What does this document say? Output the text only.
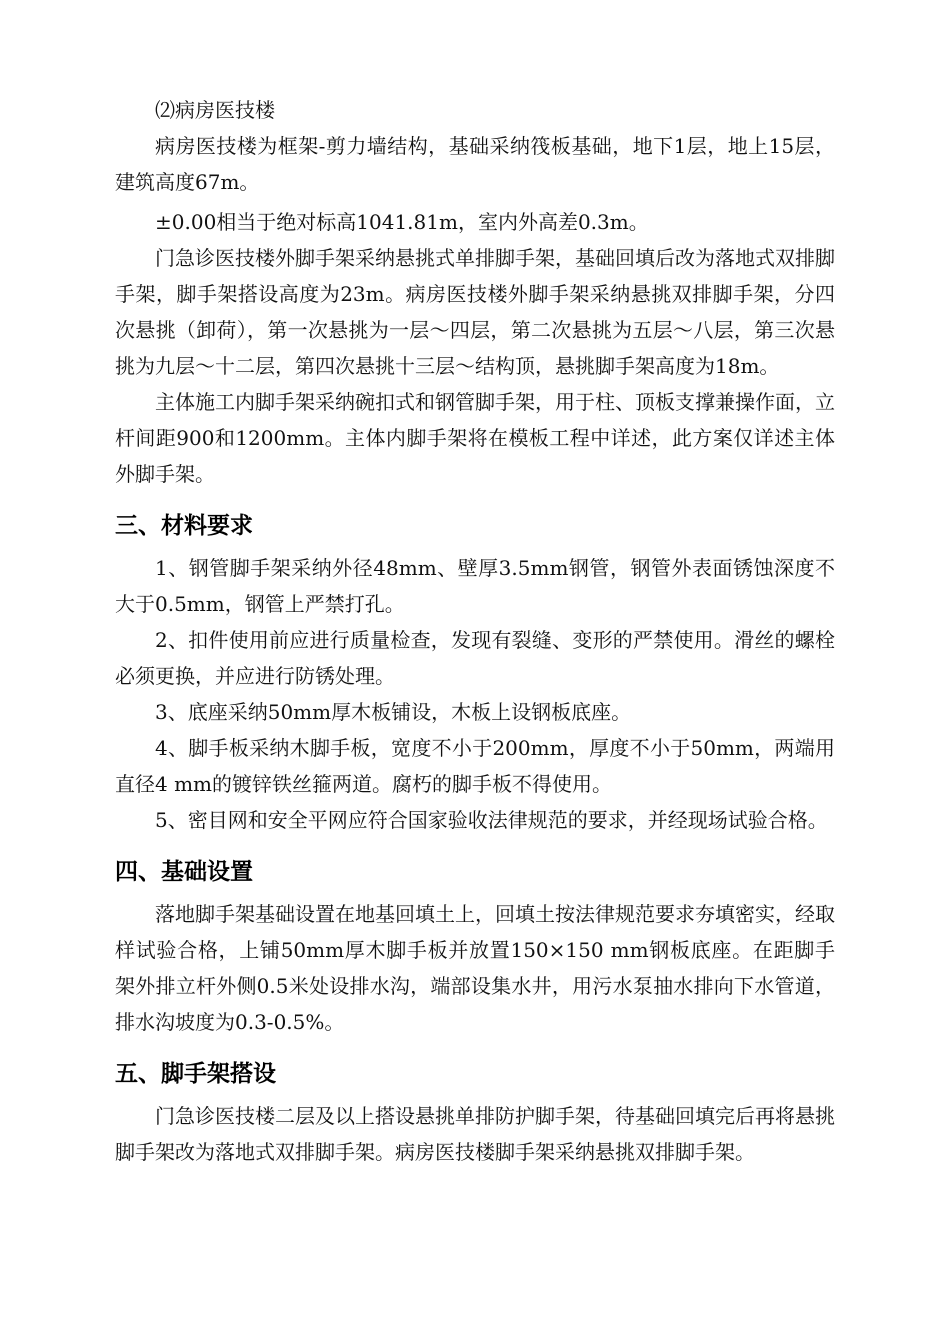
⑵病房医技楼

病房医技楼为框架-剪力墙结构，基础采纳筏板基础，地下1层，地上15层，建筑高度67m。

±0.00相当于绝对标高1041.81m，室内外高差0.3m。

门急诊医技楼外脚手架采纳悬挑式单排脚手架，基础回填后改为落地式双排脚手架，脚手架搭设高度为23m。病房医技楼外脚手架采纳悬挑双排脚手架，分四次悬挑（卸荷），第一次悬挑为一层～四层，第二次悬挑为五层～八层，第三次悬挑为九层～十二层，第四次悬挑十三层～结构顶，悬挑脚手架高度为18m。

主体施工内脚手架采纳碗扣式和钢管脚手架，用于柱、顶板支撑兼操作面，立杆间距900和1200mm。主体内脚手架将在模板工程中详述，此方案仅详述主体外脚手架。

三、材料要求

1、钢管脚手架采纳外径48mm、壁厚3.5mm钢管，钢管外表面锈蚀深度不大于0.5mm，钢管上严禁打孔。

2、扣件使用前应进行质量检查，发现有裂缝、变形的严禁使用。滑丝的螺栓必须更换，并应进行防锈处理。

3、底座采纳50mm厚木板铺设，木板上设钢板底座。

4、脚手板采纳木脚手板，宽度不小于200mm，厚度不小于50mm，两端用直径4 mm的镀锌铁丝箍两道。腐朽的脚手板不得使用。

5、密目网和安全平网应符合国家验收法律规范的要求，并经现场试验合格。

四、基础设置

落地脚手架基础设置在地基回填土上，回填土按法律规范要求夯填密实，经取样试验合格，上铺50mm厚木脚手板并放置150×150 mm钢板底座。在距脚手架外排立杆外侧0.5米处设排水沟，端部设集水井，用污水泵抽水排向下水管道，排水沟坡度为0.3-0.5%。

五、脚手架搭设

门急诊医技楼二层及以上搭设悬挑单排防护脚手架，待基础回填完后再将悬挑脚手架改为落地式双排脚手架。病房医技楼脚手架采纳悬挑双排脚手架。
